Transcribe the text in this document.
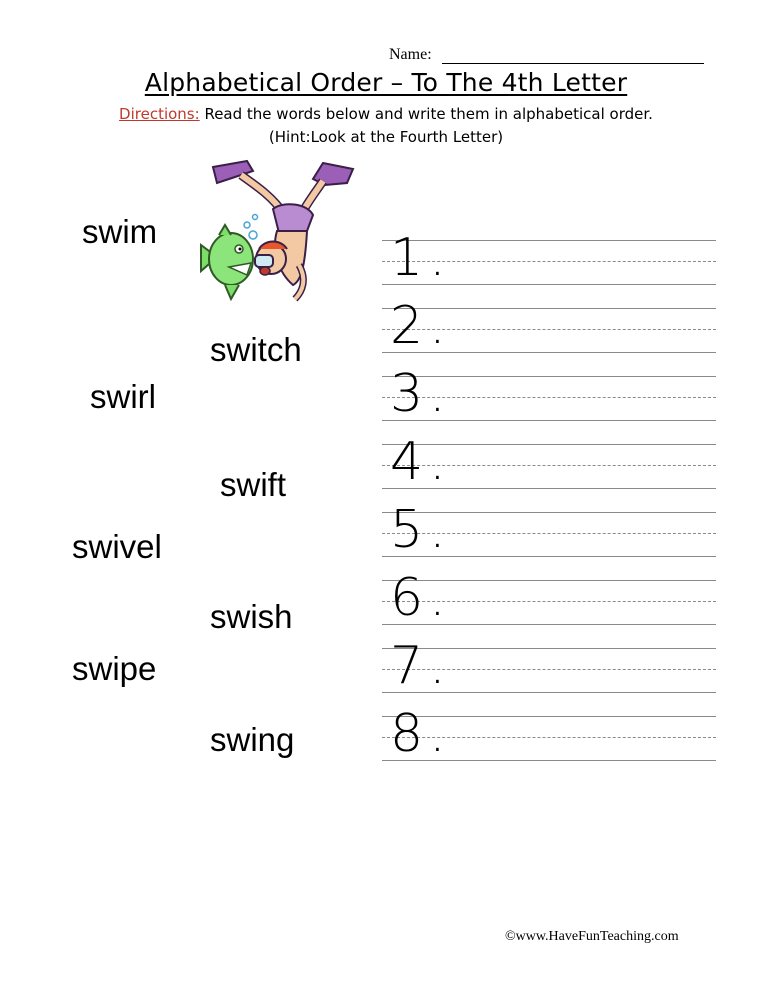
Name:
Alphabetical Order – To The 4th Letter
Directions: Read the words below and write them in alphabetical order.
(Hint:Look at the Fourth Letter)
swim
switch
swirl
swift
swivel
swish
swipe
swing
1.
2.
3.
4.
5.
6.
7.
8.
©www.HaveFunTeaching.com
